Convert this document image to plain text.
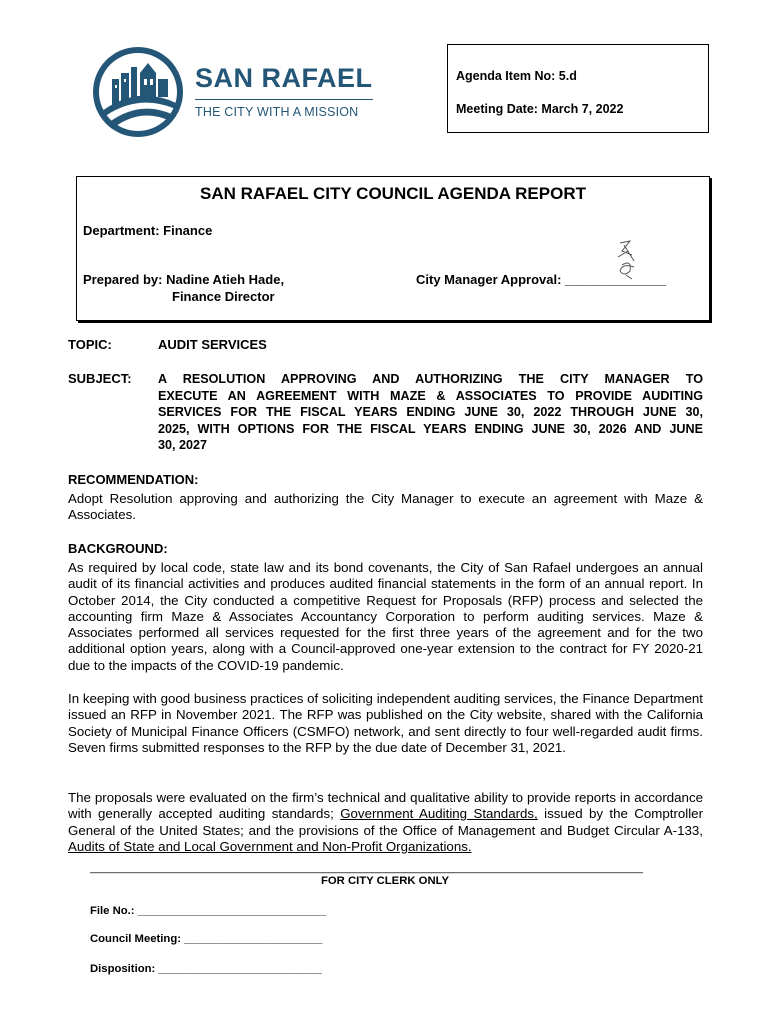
SAN RAFAEL
THE CITY WITH A MISSION
Agenda Item No: 5.d
Meeting Date: March 7, 2022
SAN RAFAEL CITY COUNCIL AGENDA REPORT
Department: Finance
Prepared by: Nadine Atieh Hade,
Finance Director
City Manager Approval: ______________
TOPIC:	AUDIT SERVICES
SUBJECT: A RESOLUTION APPROVING AND AUTHORIZING THE CITY MANAGER TO
EXECUTE AN AGREEMENT WITH MAZE & ASSOCIATES TO PROVIDE AUDITING
SERVICES FOR THE FISCAL YEARS ENDING JUNE 30, 2022 THROUGH JUNE 30,
2025, WITH OPTIONS FOR THE FISCAL YEARS ENDING JUNE 30, 2026 AND JUNE
30, 2027
RECOMMENDATION:
Adopt Resolution approving and authorizing the City Manager to execute an agreement with Maze & Associates.
BACKGROUND:
As required by local code, state law and its bond covenants, the City of San Rafael undergoes an annual audit of its financial activities and produces audited financial statements in the form of an annual report. In October 2014, the City conducted a competitive Request for Proposals (RFP) process and selected the accounting firm Maze & Associates Accountancy Corporation to perform auditing services. Maze & Associates performed all services requested for the first three years of the agreement and for the two additional option years, along with a Council-approved one-year extension to the contract for FY 2020-21 due to the impacts of the COVID-19 pandemic.
In keeping with good business practices of soliciting independent auditing services, the Finance Department issued an RFP in November 2021. The RFP was published on the City website, shared with the California Society of Municipal Finance Officers (CSMFO) network, and sent directly to four well-regarded audit firms. Seven firms submitted responses to the RFP by the due date of December 31, 2021.
The proposals were evaluated on the firm’s technical and qualitative ability to provide reports in accordance with generally accepted auditing standards; Government Auditing Standards, issued by the Comptroller General of the United States; and the provisions of the Office of Management and Budget Circular A-133, Audits of State and Local Government and Non-Profit Organizations.
________________________________________________________________________________________
FOR CITY CLERK ONLY
File No.: ______________________________
Council Meeting: ______________________
Disposition: __________________________
